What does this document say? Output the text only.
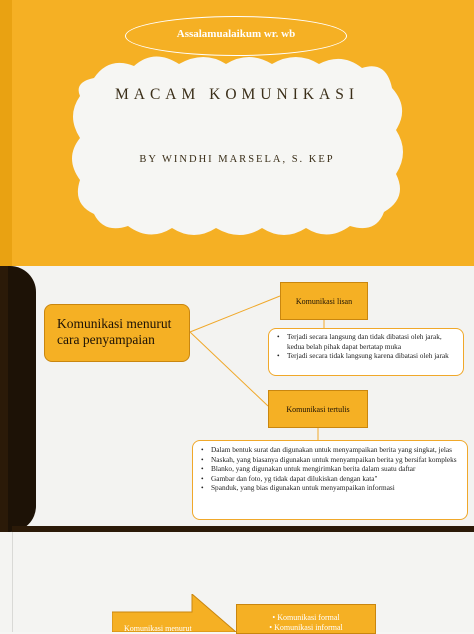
Assalamualaikum wr. wb
MACAM KOMUNIKASI
BY WINDHI MARSELA, S. KEP
Komunikasi menurut cara penyampaian
Komunikasi lisan
• Terjadi secara langsung dan tidak dibatasi oleh jarak, kedua belah pihak dapat bertatap muka
• Terjadi secara tidak langsung karena dibatasi oleh jarak
Komunikasi tertulis
• Dalam bentuk surat dan digunakan untuk menyampaikan berita yang singkat, jelas
• Naskah, yang biasanya digunakan untuk menyampaikan berita yg bersifat kompleks
• Blanko, yang digunakan untuk mengirimkan berita dalam suatu daftar
• Gambar dan foto, yg tidak dapat dilukiskan dengan kata"
• Spanduk, yang bias digunakan untuk menyampaikan informasi
Komunikasi menurut
• Komunikasi formal
• Komunikasi informal
